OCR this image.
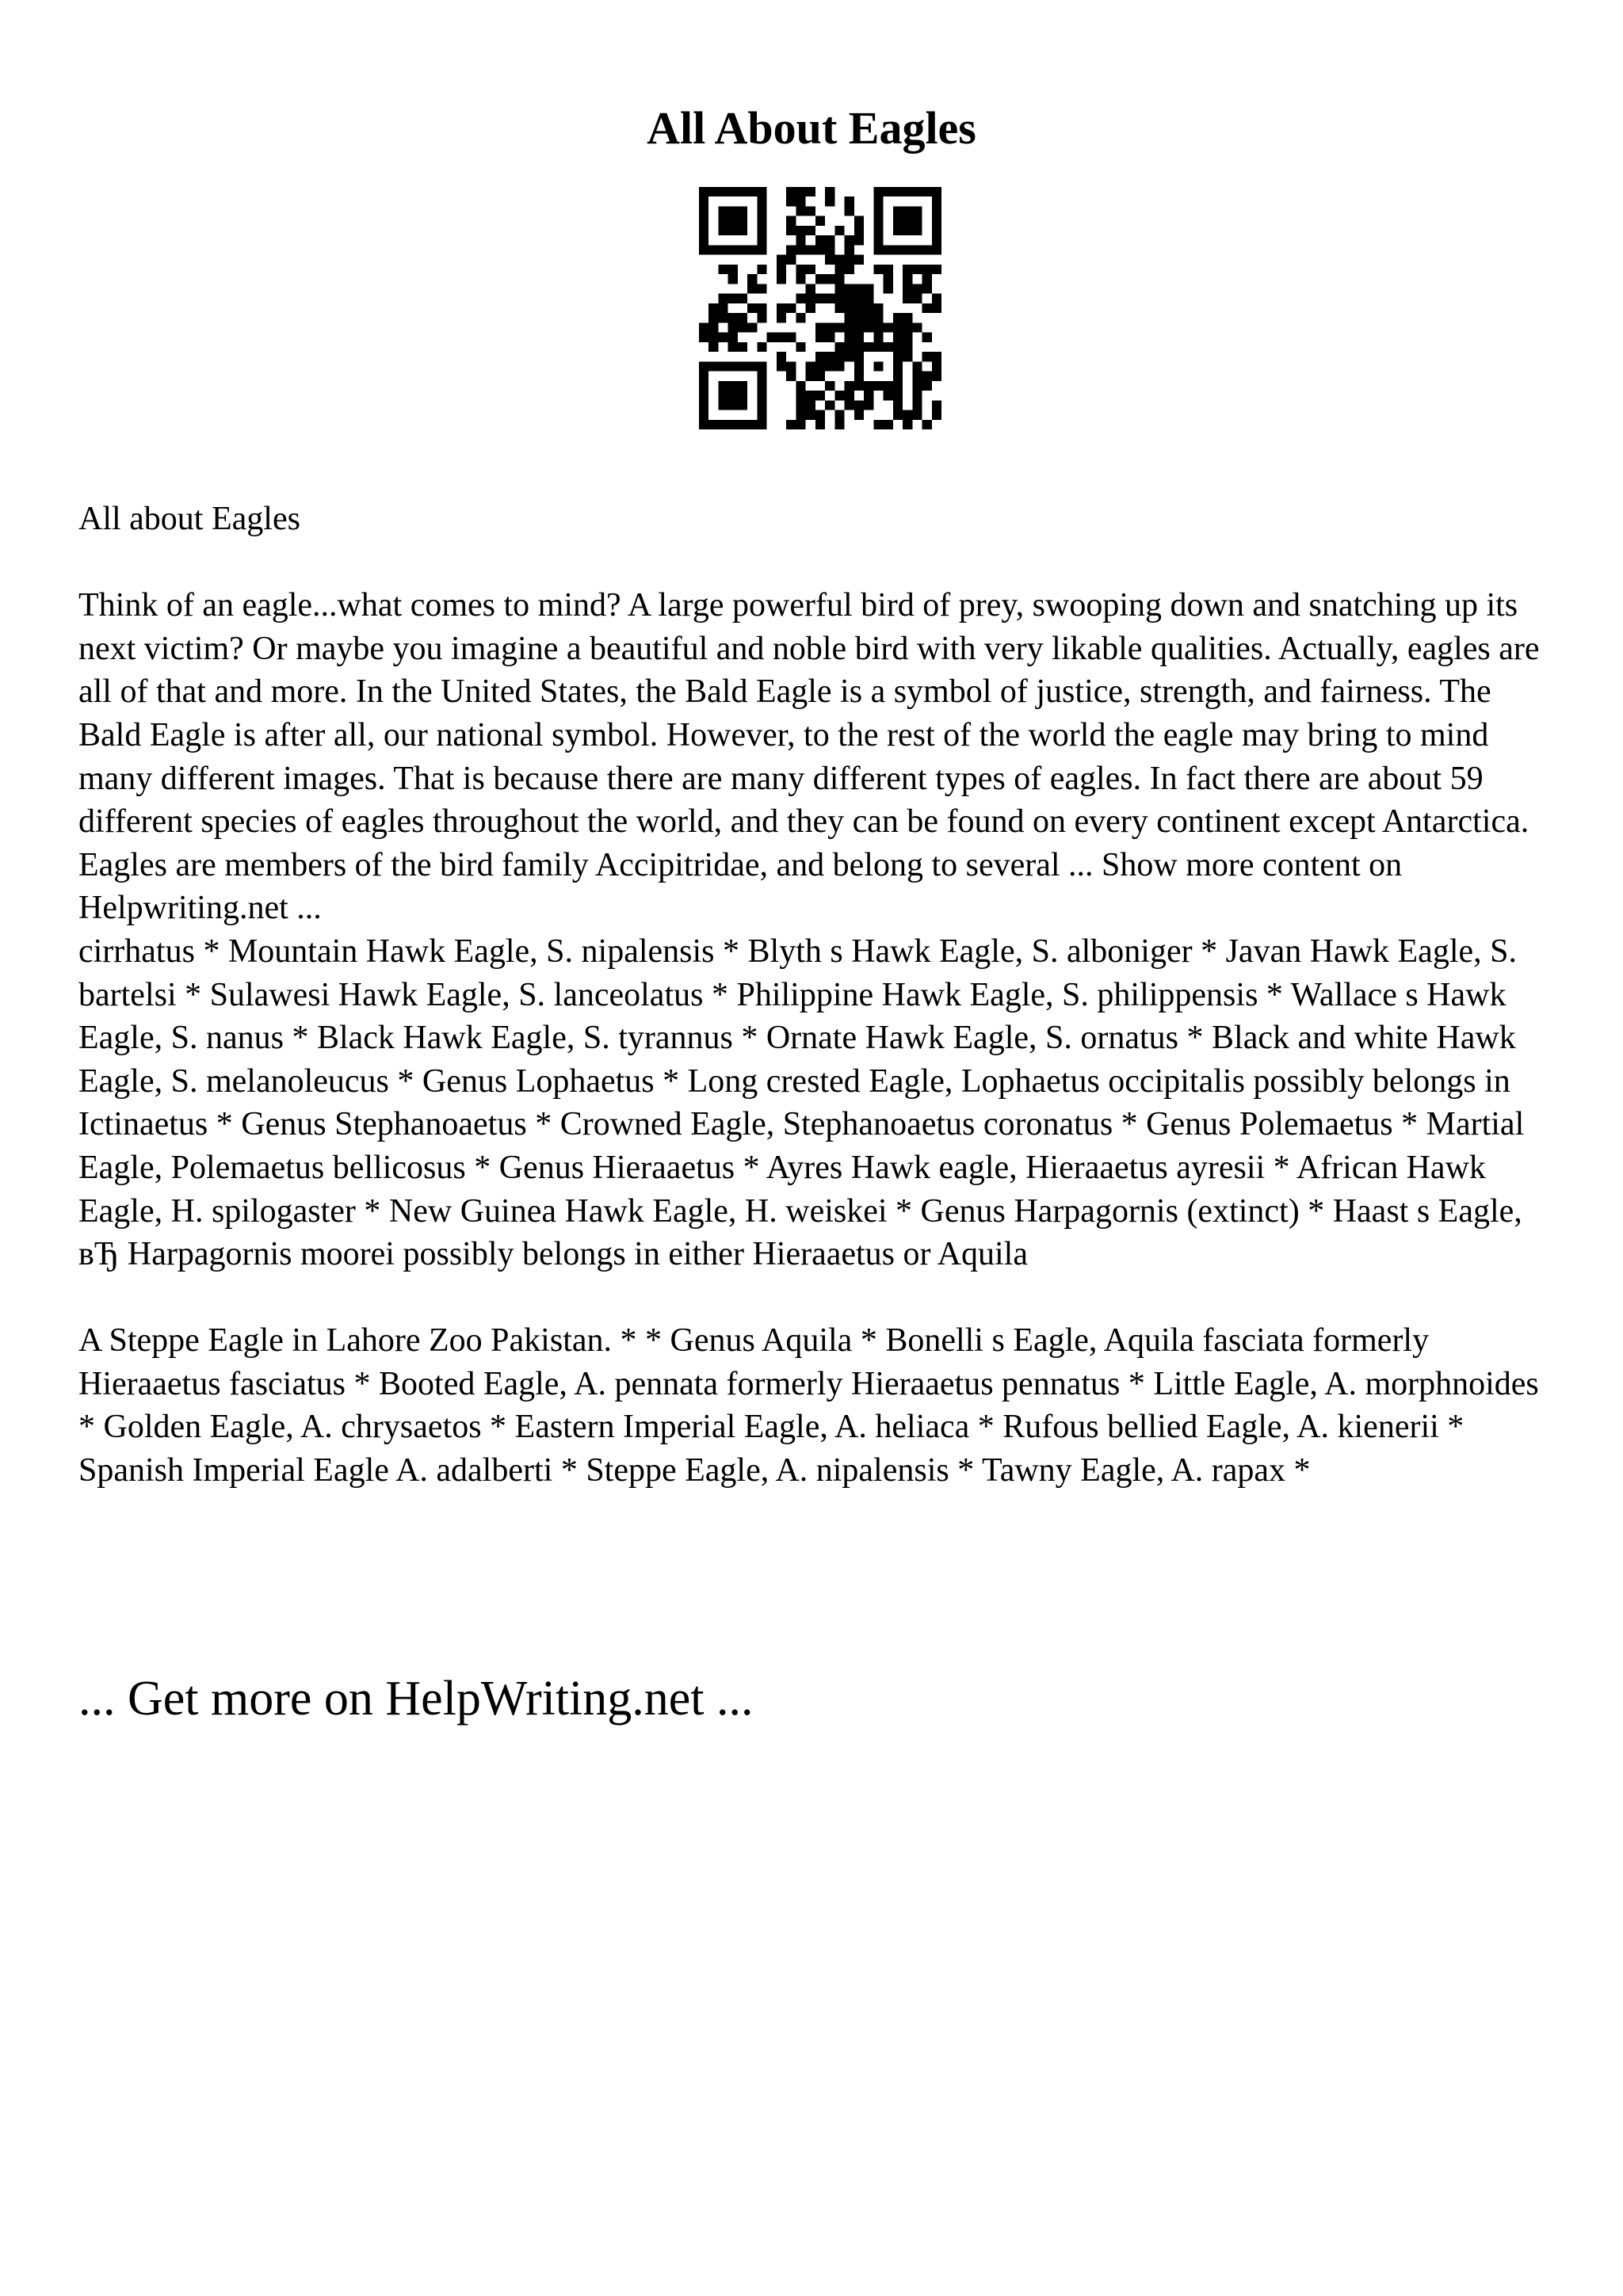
All About Eagles

All about Eagles

Think of an eagle...what comes to mind? A large powerful bird of prey, swooping down and snatching up its next victim? Or maybe you imagine a beautiful and noble bird with very likable qualities. Actually, eagles are all of that and more. In the United States, the Bald Eagle is a symbol of justice, strength, and fairness. The Bald Eagle is after all, our national symbol. However, to the rest of the world the eagle may bring to mind many different images. That is because there are many different types of eagles. In fact there are about 59 different species of eagles throughout the world, and they can be found on every continent except Antarctica.

Eagles are members of the bird family Accipitridae, and belong to several ... Show more content on Helpwriting.net ...

cirrhatus * Mountain Hawk Eagle, S. nipalensis * Blyth s Hawk Eagle, S. alboniger * Javan Hawk Eagle, S. bartelsi * Sulawesi Hawk Eagle, S. lanceolatus * Philippine Hawk Eagle, S. philippensis * Wallace s Hawk Eagle, S. nanus * Black Hawk Eagle, S. tyrannus * Ornate Hawk Eagle, S. ornatus * Black and white Hawk Eagle, S. melanoleucus * Genus Lophaetus * Long crested Eagle, Lophaetus occipitalis possibly belongs in Ictinaetus * Genus Stephanoaetus * Crowned Eagle, Stephanoaetus coronatus * Genus Polemaetus * Martial Eagle, Polemaetus bellicosus * Genus Hieraaetus * Ayres Hawk eagle, Hieraaetus ayresii * African Hawk Eagle, H. spilogaster * New Guinea Hawk Eagle, H. weiskei * Genus Harpagornis (extinct) * Haast s Eagle, вЂ Harpagornis moorei possibly belongs in either Hieraaetus or Aquila

A Steppe Eagle in Lahore Zoo Pakistan. * * Genus Aquila * Bonelli s Eagle, Aquila fasciata formerly Hieraaetus fasciatus * Booted Eagle, A. pennata formerly Hieraaetus pennatus * Little Eagle, A. morphnoides * Golden Eagle, A. chrysaetos * Eastern Imperial Eagle, A. heliaca * Rufous bellied Eagle, A. kienerii * Spanish Imperial Eagle A. adalberti * Steppe Eagle, A. nipalensis * Tawny Eagle, A. rapax *

... Get more on HelpWriting.net ...
